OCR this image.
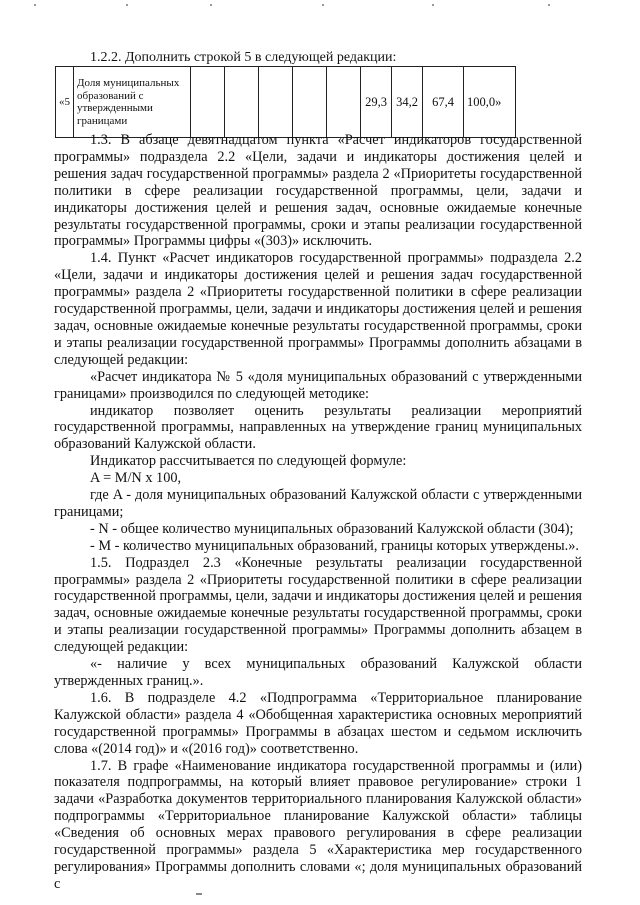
1.2.2. Дополнить строкой 5 в следующей редакции:
«5	Доля муниципальных образований с утвержденными границами						29,3	34,2	67,4	100,0»

1.3. В абзаце девятнадцатом пункта «Расчет индикаторов государственной программы» подраздела 2.2 «Цели, задачи и индикаторы достижения целей и решения задач государственной программы» раздела 2 «Приоритеты государственной политики в сфере реализации государственной программы, цели, задачи и индикаторы достижения целей и решения задач, основные ожидаемые конечные результаты государственной программы, сроки и этапы реализации государственной программы» Программы цифры «(303)» исключить.

1.4. Пункт «Расчет индикаторов государственной программы» подраздела 2.2 «Цели, задачи и индикаторы достижения целей и решения задач государственной программы» раздела 2 «Приоритеты государственной политики в сфере реализации государственной программы, цели, задачи и индикаторы достижения целей и решения задач, основные ожидаемые конечные результаты государственной программы, сроки и этапы реализации государственной программы» Программы дополнить абзацами в следующей редакции:

«Расчет индикатора № 5 «доля муниципальных образований с утвержденными границами» производился по следующей методике:

индикатор позволяет оценить результаты реализации мероприятий государственной программы, направленных на утверждение границ муниципальных образований Калужской области.

Индикатор рассчитывается по следующей формуле:

A = M/N x 100,

где A - доля муниципальных образований Калужской области с утвержденными границами;

- N - общее количество муниципальных образований Калужской области (304);

- M - количество муниципальных образований, границы которых утверждены.».

1.5. Подраздел 2.3 «Конечные результаты реализации государственной программы» раздела 2 «Приоритеты государственной политики в сфере реализации государственной программы, цели, задачи и индикаторы достижения целей и решения задач, основные ожидаемые конечные результаты государственной программы, сроки и этапы реализации государственной программы» Программы дополнить абзацем в следующей редакции:

«- наличие у всех муниципальных образований Калужской области утвержденных границ.».

1.6. В подразделе 4.2 «Подпрограмма «Территориальное планирование Калужской области» раздела 4 «Обобщенная характеристика основных мероприятий государственной программы» Программы в абзацах шестом и седьмом исключить слова «(2014 год)» и «(2016 год)» соответственно.

1.7. В графе «Наименование индикатора государственной программы и (или) показателя подпрограммы, на который влияет правовое регулирование» строки 1 задачи «Разработка документов территориального планирования Калужской области» подпрограммы «Территориальное планирование Калужской области» таблицы «Сведения об основных мерах правового регулирования в сфере реализации государственной программы» раздела 5 «Характеристика мер государственного регулирования» Программы дополнить словами «; доля муниципальных образований с
